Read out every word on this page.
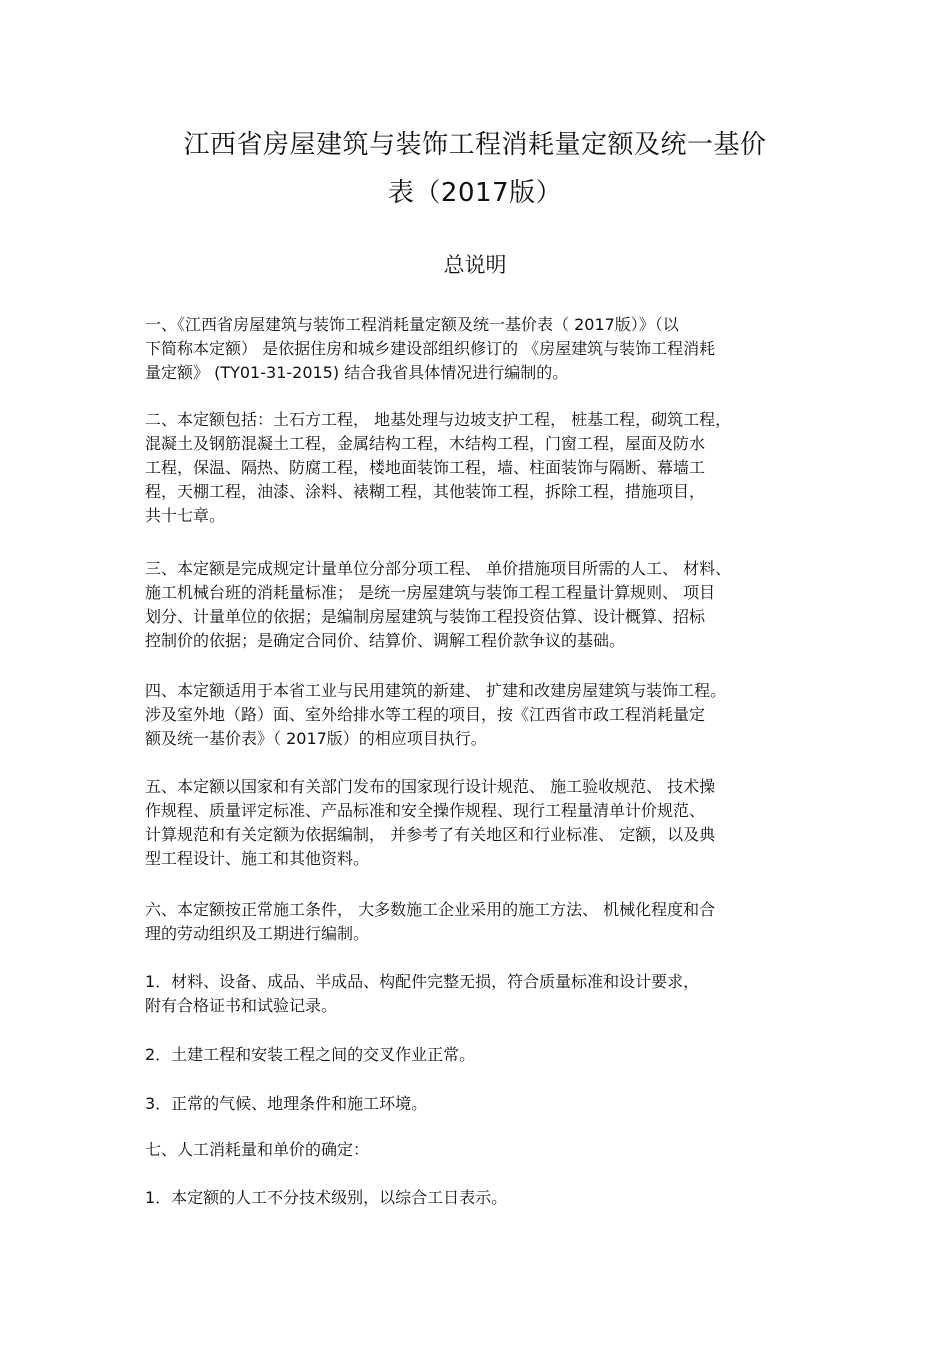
江西省房屋建筑与装饰工程消耗量定额及统一基价
表（2017版）
总说明
一、《江西省房屋建筑与装饰工程消耗量定额及统一基价表（ 2017版）》（以
下简称本定额） 是依据住房和城乡建设部组织修订的 《房屋建筑与装饰工程消耗
量定额》 (TY01-31-2015) 结合我省具体情况进行编制的。
二、本定额包括：土石方工程， 地基处理与边坡支护工程， 桩基工程，砌筑工程，
混凝土及钢筋混凝土工程，金属结构工程，木结构工程，门窗工程，屋面及防水
工程，保温、隔热、防腐工程，楼地面装饰工程，墙、柱面装饰与隔断、幕墙工
程，天棚工程，油漆、涂料、裱糊工程，其他装饰工程，拆除工程，措施项目，
共十七章。
三、本定额是完成规定计量单位分部分项工程、 单价措施项目所需的人工、 材料、
施工机械台班的消耗量标准； 是统一房屋建筑与装饰工程工程量计算规则、 项目
划分、计量单位的依据；是编制房屋建筑与装饰工程投资估算、设计概算、招标
控制价的依据；是确定合同价、结算价、调解工程价款争议的基础。
四、本定额适用于本省工业与民用建筑的新建、 扩建和改建房屋建筑与装饰工程。
涉及室外地（路）面、室外给排水等工程的项目，按《江西省市政工程消耗量定
额及统一基价表》（ 2017版）的相应项目执行。
五、本定额以国家和有关部门发布的国家现行设计规范、 施工验收规范、 技术操
作规程、质量评定标准、产品标准和安全操作规程、现行工程量清单计价规范、
计算规范和有关定额为依据编制， 并参考了有关地区和行业标准、 定额，以及典
型工程设计、施工和其他资料。
六、本定额按正常施工条件， 大多数施工企业采用的施工方法、 机械化程度和合
理的劳动组织及工期进行编制。
1．材料、设备、成品、半成品、构配件完整无损，符合质量标准和设计要求，
附有合格证书和试验记录。
2．土建工程和安装工程之间的交叉作业正常。
3．正常的气候、地理条件和施工环境。
七、人工消耗量和单价的确定：
1．本定额的人工不分技术级别，以综合工日表示。
